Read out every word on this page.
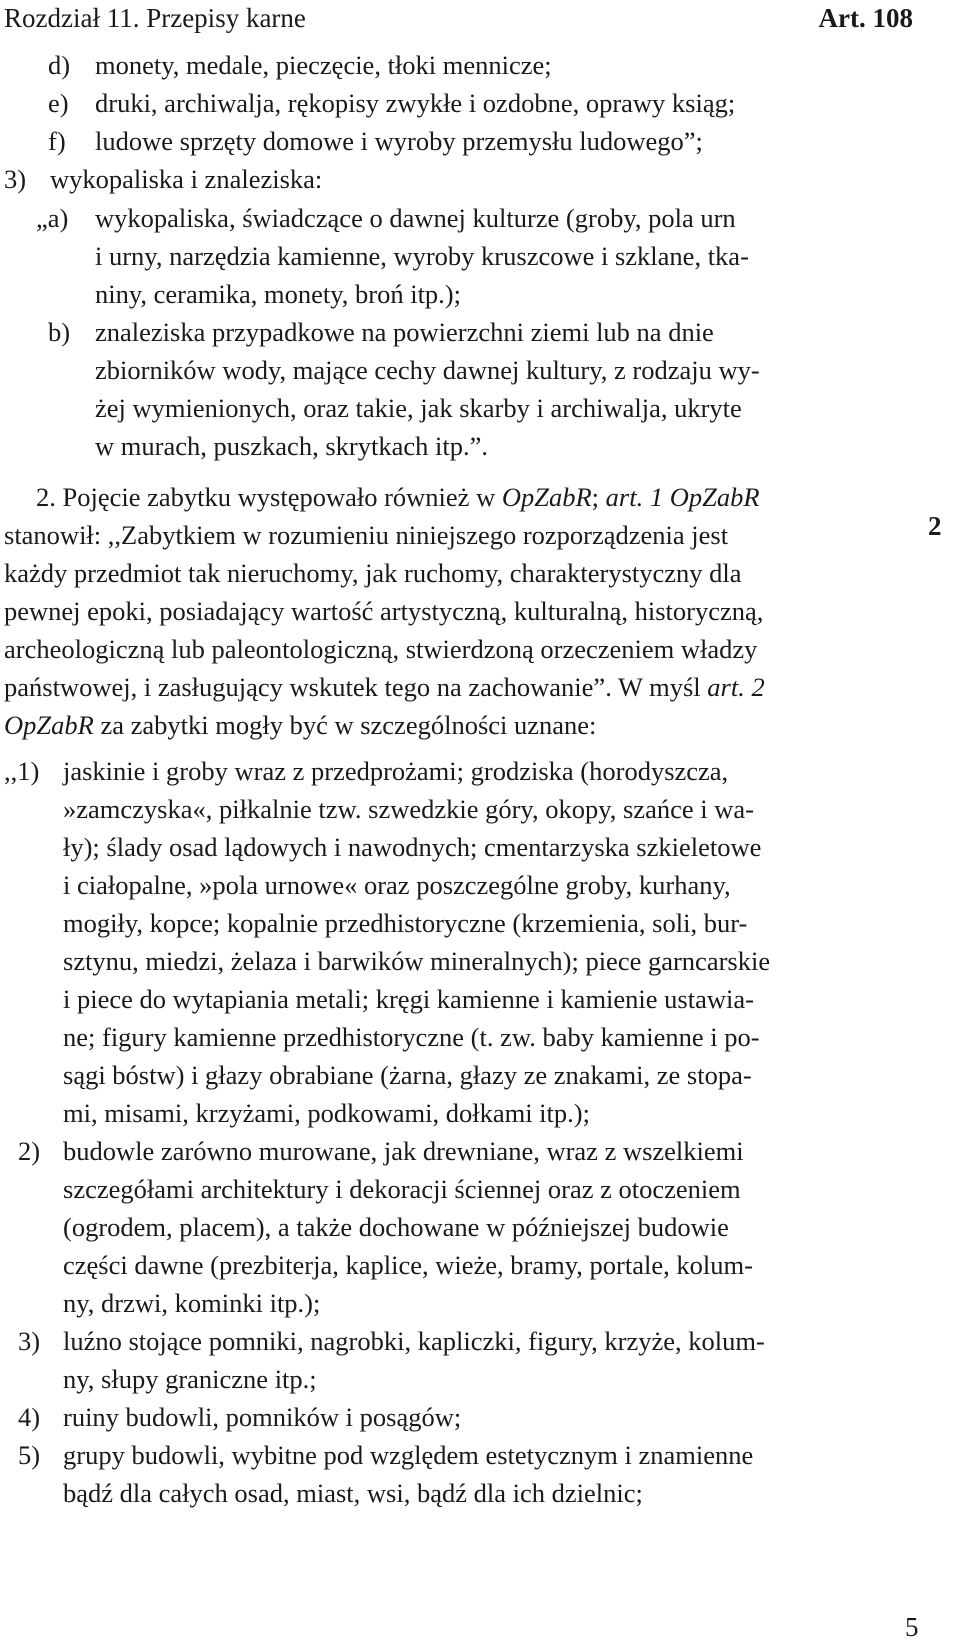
Rozdział 11. Przepisy karne	Art. 108
d) monety, medale, pieczęcie, tłoki mennicze;
e) druki, archiwalja, rękopisy zwykłe i ozdobne, oprawy ksiąg;
f) ludowe sprzęty domowe i wyroby przemysłu ludowego”;
3) wykopaliska i znaleziska:
„a) wykopaliska, świadczące o dawnej kulturze (groby, pola urn
i urny, narzędzia kamienne, wyroby kruszcowe i szklane, tka-
niny, ceramika, monety, broń itp.);
b) znaleziska przypadkowe na powierzchni ziemi lub na dnie
zbiorników wody, mające cechy dawnej kultury, z rodzaju wy-
żej wymienionych, oraz takie, jak skarby i archiwalja, ukryte
w murach, puszkach, skrytkach itp.”.
2. Pojęcie zabytku występowało również w OpZabR; art. 1 OpZabR
2
stanowił: ,,Zabytkiem w rozumieniu niniejszego rozporządzenia jest
każdy przedmiot tak nieruchomy, jak ruchomy, charakterystyczny dla
pewnej epoki, posiadający wartość artystyczną, kulturalną, historyczną,
archeologiczną lub paleontologiczną, stwierdzoną orzeczeniem władzy
państwowej, i zasługujący wskutek tego na zachowanie”. W myśl art. 2
OpZabR za zabytki mogły być w szczególności uznane:
,,1) jaskinie i groby wraz z przedprożami; grodziska (horodyszcza,
»zamczyska«, piłkalnie tzw. szwedzkie góry, okopy, szańce i wa-
ły); ślady osad lądowych i nawodnych; cmentarzyska szkieletowe
i ciałopalne, »pola urnowe« oraz poszczególne groby, kurhany,
mogiły, kopce; kopalnie przedhistoryczne (krzemienia, soli, bur-
sztynu, miedzi, żelaza i barwików mineralnych); piece garncarskie
i piece do wytapiania metali; kręgi kamienne i kamienie ustawia-
ne; figury kamienne przedhistoryczne (t. zw. baby kamienne i po-
sągi bóstw) i głazy obrabiane (żarna, głazy ze znakami, ze stopa-
mi, misami, krzyżami, podkowami, dołkami itp.);
2) budowle zarówno murowane, jak drewniane, wraz z wszelkiemi
szczegółami architektury i dekoracji ściennej oraz z otoczeniem
(ogrodem, placem), a także dochowane w późniejszej budowie
części dawne (prezbiterja, kaplice, wieże, bramy, portale, kolum-
ny, drzwi, kominki itp.);
3) luźno stojące pomniki, nagrobki, kapliczki, figury, krzyże, kolum-
ny, słupy graniczne itp.;
4) ruiny budowli, pomników i posągów;
5) grupy budowli, wybitne pod względem estetycznym i znamienne
bądź dla całych osad, miast, wsi, bądź dla ich dzielnic;
5
